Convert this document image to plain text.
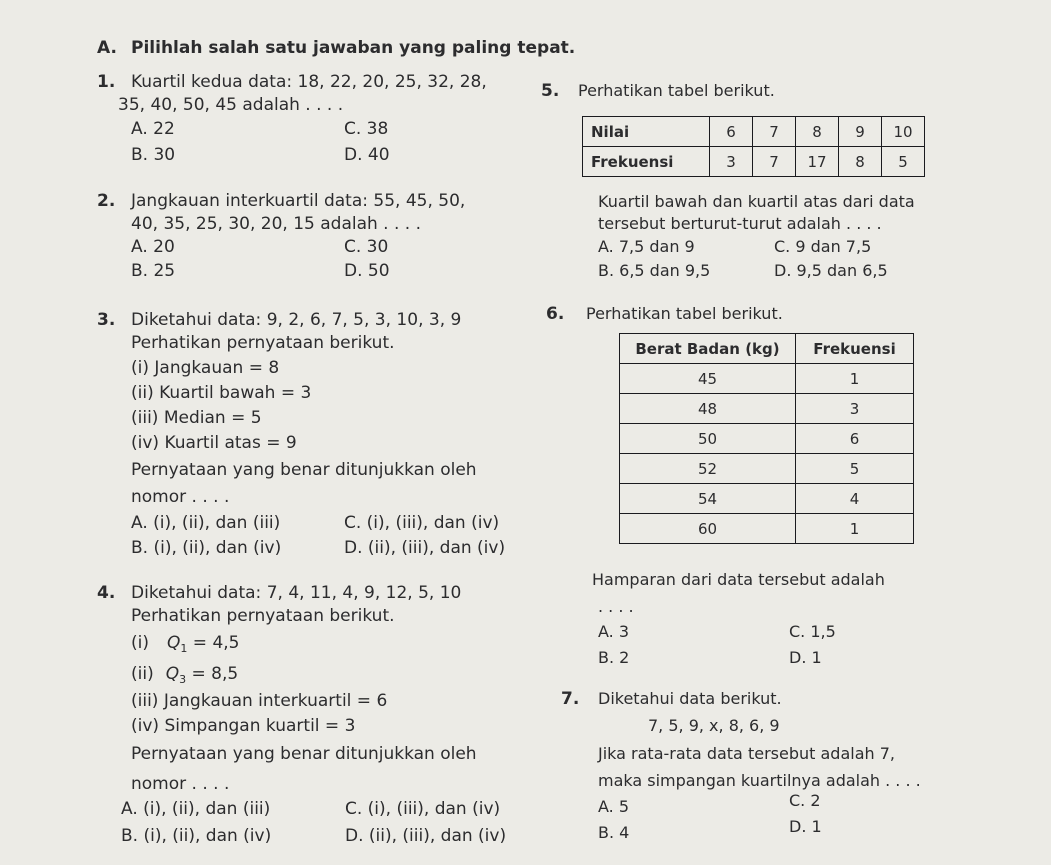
A. Pilihlah salah satu jawaban yang paling tepat.
1. Kuartil kedua data: 18, 22, 20, 25, 32, 28,
35, 40, 50, 45 adalah . . . .
A. 22
B. 30
C. 38
D. 40
2. Jangkauan interkuartil data: 55, 45, 50,
40, 35, 25, 30, 20, 15 adalah . . . .
A. 20
B. 25
C. 30
D. 50
3. Diketahui data: 9, 2, 6, 7, 5, 3, 10, 3, 9
Perhatikan pernyataan berikut.
(i) Jangkauan = 8
(ii) Kuartil bawah = 3
(iii) Median = 5
(iv) Kuartil atas = 9
Pernyataan yang benar ditunjukkan oleh
nomor . . . .
A. (i), (ii), dan (iii)
B. (i), (ii), dan (iv)
C. (i), (iii), dan (iv)
D. (ii), (iii), dan (iv)
4. Diketahui data: 7, 4, 11, 4, 9, 12, 5, 10
Perhatikan pernyataan berikut.
(i) $Q_1 = 4,5$
(ii) $Q_3 = 8,5$
(iii) Jangkauan interkuartil = 6
(iv) Simpangan kuartil = 3
Pernyataan yang benar ditunjukkan oleh
nomor . . . .
A. (i), (ii), dan (iii)
B. (i), (ii), dan (iv)
C. (i), (iii), dan (iv)
D. (ii), (iii), dan (iv)
5. Perhatikan tabel berikut.
Nilai	6	7	8	9	10
Frekuensi	3	7	17	8	5
Kuartil bawah dan kuartil atas dari data
tersebut berturut-turut adalah . . . .
A. 7,5 dan 9
B. 6,5 dan 9,5
C. 9 dan 7,5
D. 9,5 dan 6,5
6. Perhatikan tabel berikut.
Berat Badan (kg)	Frekuensi
45	1
48	3
50	6
52	5
54	4
60	1
Hamparan dari data tersebut adalah
. . . .
A. 3
B. 2
C. 1,5
D. 1
7. Diketahui data berikut.
7, 5, 9, x, 8, 6, 9
Jika rata-rata data tersebut adalah 7,
maka simpangan kuartilnya adalah . . . .
A. 5
B. 4
C. 2
D. 1
